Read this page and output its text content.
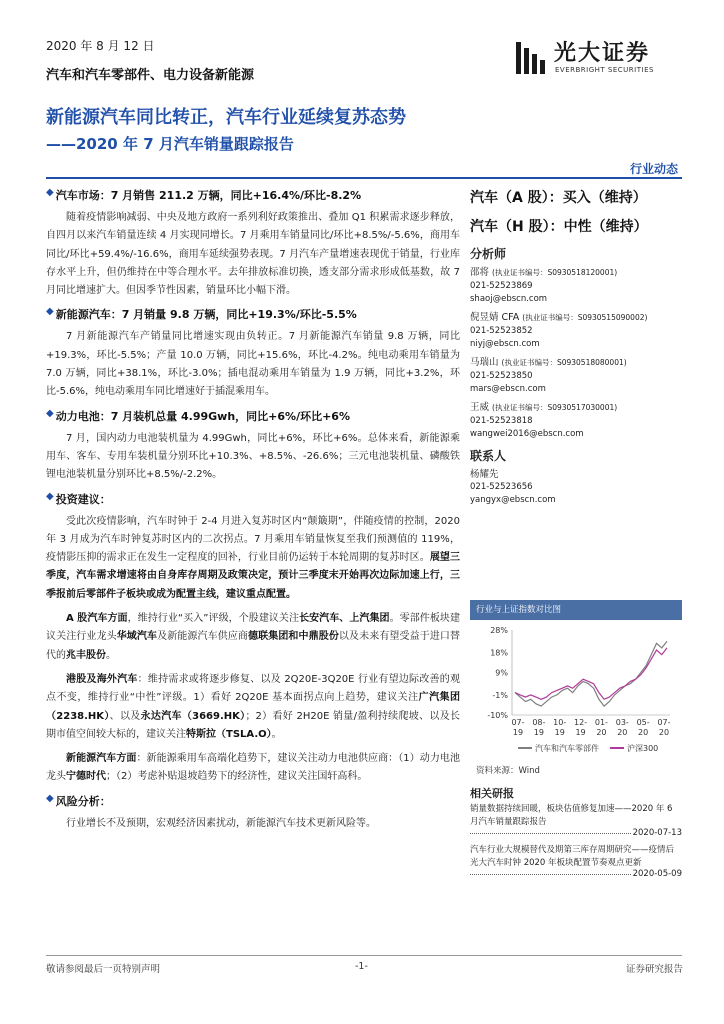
2020 年 8 月 12 日
汽车和汽车零部件、电力设备新能源
光大证券
EVERBRIGHT SECURITIES
新能源汽车同比转正，汽车行业延续复苏态势
——2020 年 7 月汽车销量跟踪报告
行业动态
◆ 汽车市场：7 月销售 211.2 万辆，同比+16.4%/环比-8.2%
随着疫情影响减弱、中央及地方政府一系列利好政策推出、叠加 Q1 积累需求逐步释放，自四月以来汽车销量连续 4 月实现同增长。7 月乘用车销量同比/环比+8.5%/-5.6%，商用车同比/环比+59.4%/-16.6%，商用车延续强势表现。7 月汽车产量增速表现优于销量，行业库存水平上升，但仍维持在中等合理水平。去年排放标准切换，透支部分需求形成低基数，故 7 月同比增速扩大。但因季节性因素，销量环比小幅下滑。
◆ 新能源汽车：7 月销量 9.8 万辆，同比+19.3%/环比-5.5%
7 月新能源汽车产销量同比增速实现由负转正。7 月新能源汽车销量 9.8 万辆，同比+19.3%，环比-5.5%；产量 10.0 万辆，同比+15.6%，环比-4.2%。纯电动乘用车销量为 7.0 万辆，同比+38.1%，环比-3.0%；插电混动乘用车销量为 1.9 万辆，同比+3.2%，环比-5.6%，纯电动乘用车同比增速好于插混乘用车。
◆ 动力电池：7 月装机总量 4.99Gwh，同比+6%/环比+6%
7 月，国内动力电池装机量为 4.99Gwh，同比+6%，环比+6%。总体来看，新能源乘用车、客车、专用车装机量分别环比+10.3%、+8.5%、-26.6%；三元电池装机量、磷酸铁锂电池装机量分别环比+8.5%/-2.2%。
◆ 投资建议：
受此次疫情影响，汽车时钟于 2-4 月进入复苏时区内“颠簸期”，伴随疫情的控制，2020 年 3 月成为汽车时钟复苏时区内的二次拐点。7 月乘用车销量恢复至我们预测值的 119%，疫情影压抑的需求正在发生一定程度的回补，行业目前仍运转于本轮周期的复苏时区。展望三季度，汽车需求增速将由自身库存周期及政策决定，预计三季度末开始再次边际加速上行，三季报前后零部件子板块或成为配置主线，建议重点配置。
A 股汽车方面，维持行业“买入”评级，个股建议关注长安汽车、上汽集团。零部件板块建议关注行业龙头华域汽车及新能源汽车供应商德联集团和中鼎股份以及未来有望受益于进口替代的兆丰股份。
港股及海外汽车：维持需求或将逐步修复、以及 2Q20E-3Q20E 行业有望边际改善的观点不变，维持行业“中性”评级。1）看好 2Q20E 基本面拐点向上趋势，建议关注广汽集团（2238.HK）、以及永达汽车（3669.HK）；2）看好 2H20E 销量/盈利持续爬坡、以及长期市值空间较大标的，建议关注特斯拉（TSLA.O）。
新能源汽车方面：新能源乘用车高端化趋势下，建议关注动力电池供应商：（1）动力电池龙头宁德时代；（2）考虑补贴退坡趋势下的经济性，建议关注国轩高科。
◆ 风险分析：
行业增长不及预期，宏观经济因素扰动，新能源汽车技术更新风险等。
汽车（A 股）：买入（维持）
汽车（H 股）：中性（维持）
分析师
邵将 (执业证书编号：S0930518120001)
021-52523869
shaoj@ebscn.com
倪昱婧 CFA (执业证书编号：S0930515090002)
021-52523852
niyj@ebscn.com
马瑞山 (执业证书编号：S0930518080001)
021-52523850
mars@ebscn.com
王威 (执业证书编号：S0930517030001)
021-52523818
wangwei2016@ebscn.com
联系人
杨耀先
021-52523656
yangyx@ebscn.com
行业与上证指数对比图
28%
18%
9%
-1%
-10%
07-19
08-19
10-19
12-19
01-20
03-20
05-20
07-20
汽车和汽车零部件	沪深300
资料来源：Wind
相关研报
销量数据持续回暖，板块估值修复加速——2020 年 6 月汽车销量跟踪报告
2020-07-13
汽车行业大规模替代及期第三库存周期研究——疫情后光大汽车时钟 2020 年板块配置节奏观点更新
2020-05-09
敬请参阅最后一页特别声明	-1-	证券研究报告
